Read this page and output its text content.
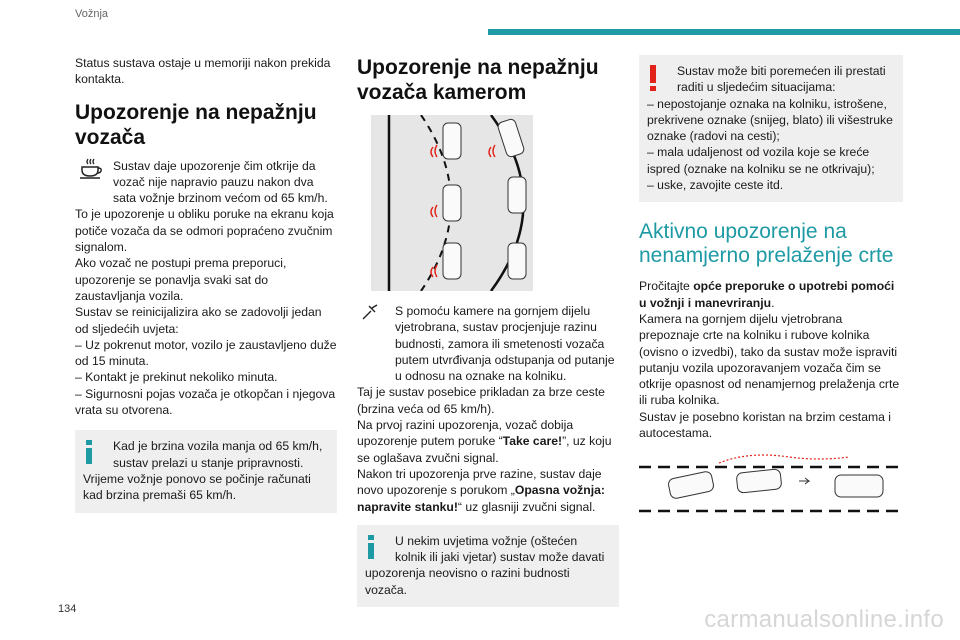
Vožnja

Status sustava ostaje u memoriji nakon prekida kontakta.

Upozorenje na nepažnju vozača

Sustav daje upozorenje čim otkrije da vozač nije napravio pauzu nakon dva sata vožnje brzinom većom od 65 km/h.

To je upozorenje u obliku poruke na ekranu koja potiče vozača da se odmori popraćeno zvučnim signalom.

Ako vozač ne postupi prema preporuci, upozorenje se ponavlja svaki sat do zaustavljanja vozila.

Sustav se reinicijalizira ako se zadovolji jedan od sljedećih uvjeta:

– Uz pokrenut motor, vozilo je zaustavljeno duže od 15 minuta.

– Kontakt je prekinut nekoliko minuta.

– Sigurnosni pojas vozača je otkopčan i njegova vrata su otvorena.

Kad je brzina vozila manja od 65 km/h, sustav prelazi u stanje pripravnosti.
Vrijeme vožnje ponovo se počinje računati kad brzina premaši 65 km/h.
Upozorenje na nepažnju vozača kamerom

S pomoću kamere na gornjem dijelu vjetrobrana, sustav procjenjuje razinu budnosti, zamora ili smetenosti vozača putem utvrđivanja odstupanja od putanje u odnosu na oznake na kolniku.

Taj je sustav posebice prikladan za brze ceste (brzina veća od 65 km/h).

Na prvoj razini upozorenja, vozač dobija upozorenje putem poruke “Take care!”, uz koju se oglašava zvučni signal.

Nakon tri upozorenja prve razine, sustav daje novo upozorenje s porukom „Opasna vožnja: napravite stanku!“ uz glasniji zvučni signal.

U nekim uvjetima vožnje (oštećen kolnik ili jaki vjetar) sustav može davati
upozorenja neovisno o razini budnosti vozača.
Sustav može biti poremećen ili prestati raditi u sljedećim situacijama:
– nepostojanje oznaka na kolniku, istrošene, prekrivene oznake (snijeg, blato) ili višestruke oznake (radovi na cesti);
– mala udaljenost od vozila koje se kreće ispred (oznake na kolniku se ne otkrivaju);
– uske, zavojite ceste itd.
Aktivno upozorenje na nenamjerno prelaženje crte

Pročitajte opće preporuke o upotrebi pomoći u vožnji i manevriranju.

Kamera na gornjem dijelu vjetrobrana prepoznaje crte na kolniku i rubove kolnika (ovisno o izvedbi), tako da sustav može ispraviti putanju vozila upozoravanjem vozača čim se otkrije opasnost od nenamjernog prelaženja crte ili ruba kolnika.

Sustav je posebno koristan na brzim cestama i autocestama.

134	carmanualsonline.info
